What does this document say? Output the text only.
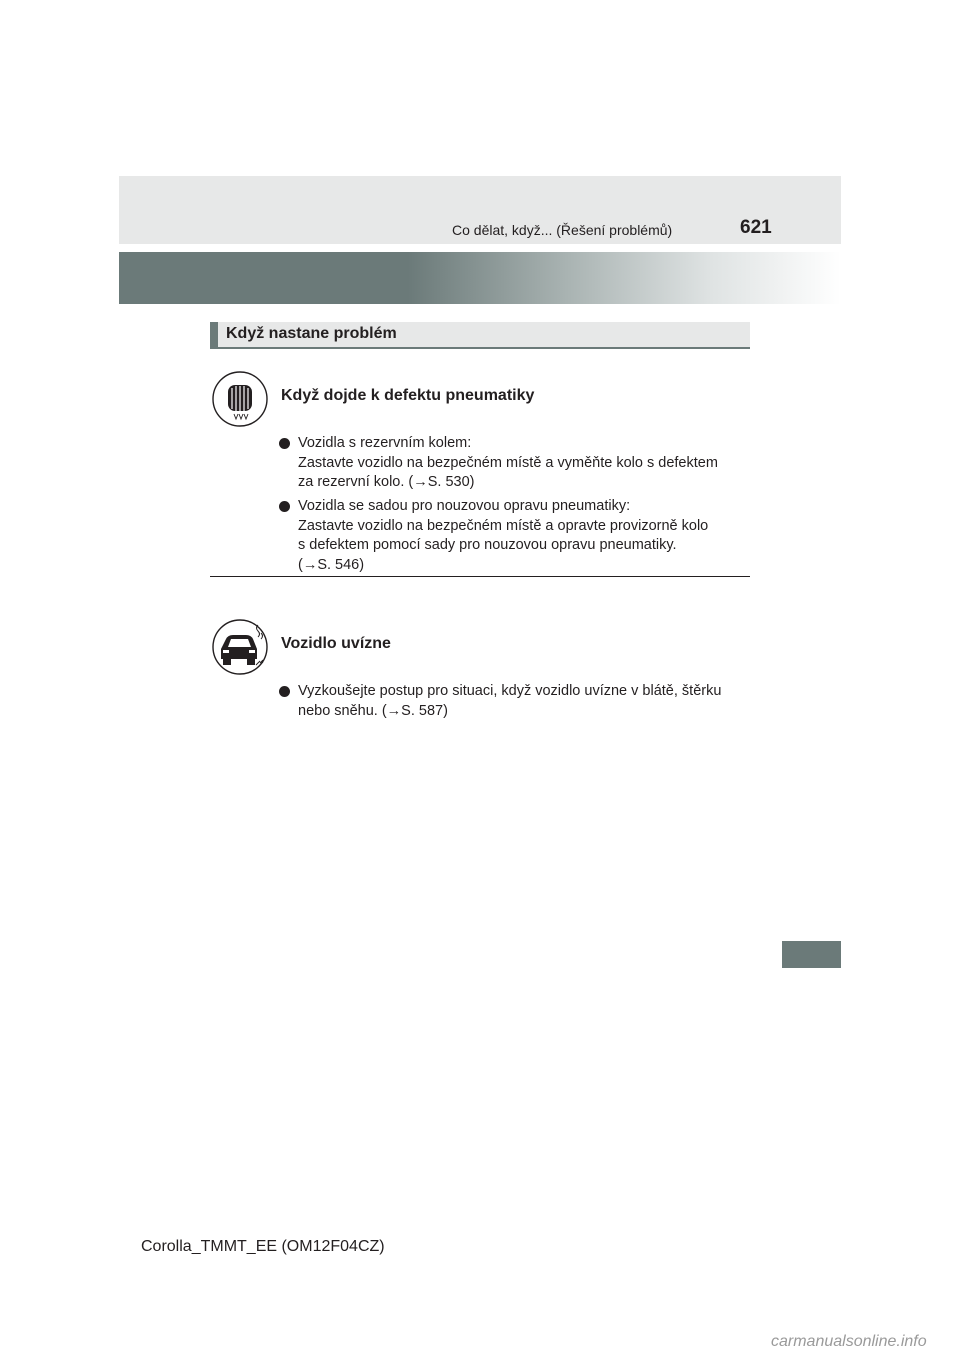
Co dělat, když... (Řešení problémů)	621
Když nastane problém
Když dojde k defektu pneumatiky
Vozidla s rezervním kolem:
Zastavte vozidlo na bezpečném místě a vyměňte kolo s defektem
za rezervní kolo. (→S. 530)
Vozidla se sadou pro nouzovou opravu pneumatiky:
Zastavte vozidlo na bezpečném místě a opravte provizorně kolo
s defektem pomocí sady pro nouzovou opravu pneumatiky.
(→S. 546)
Vozidlo uvízne
Vyzkoušejte postup pro situaci, když vozidlo uvízne v blátě, štěrku
nebo sněhu. (→S. 587)
Corolla_TMMT_EE (OM12F04CZ)
carmanualsonline.info
